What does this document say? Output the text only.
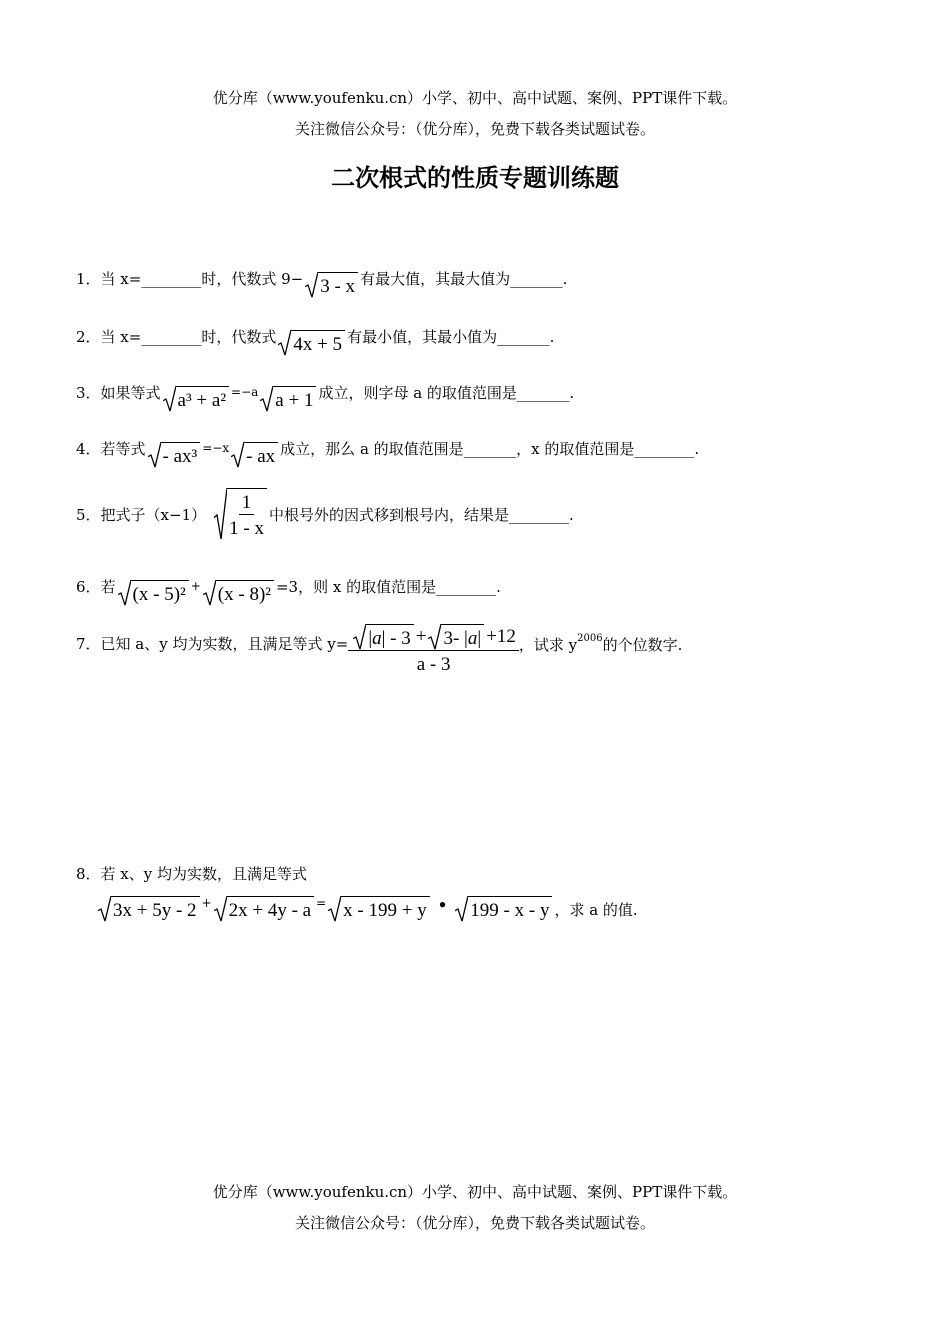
优分库（www.youfenku.cn）小学、初中、高中试题、案例、PPT课件下载。
关注微信公众号：（优分库），免费下载各类试题试卷。
二次根式的性质专题训练题
1．当 x=________时，代数式 9− 3 - x 有最大值，其最大值为_______.
2．当 x=________时，代数式 4x + 5 有最小值，其最小值为_______.
3．如果等式 a³ + a² =−a a + 1 成立，则字母 a 的取值范围是_______.
4．若等式 - ax³ =−x - ax 成立，那么 a 的取值范围是_______，x 的取值范围是________.
5．把式子$(x-1) \frac{1}{1 - x}$ 中根号外的因式移到根号内，结果是________.
6．若 (x - 5)² + (x - 8)² =3，则 x 的取值范围是________.
7．已知 a、y 均为实数，且满足等式 y= | a | - 3 + 3- | a | +12
a - 3
，试求 $y^{2006}$的个位数字.
8．若 x、y 均为实数，且满足等式
3x + 5y - 2 + 2x + 4y - a = x - 199 + y • 199 - x - y ，求 a 的值.
优分库（www.youfenku.cn）小学、初中、高中试题、案例、PPT课件下载。
关注微信公众号：（优分库），免费下载各类试题试卷。
